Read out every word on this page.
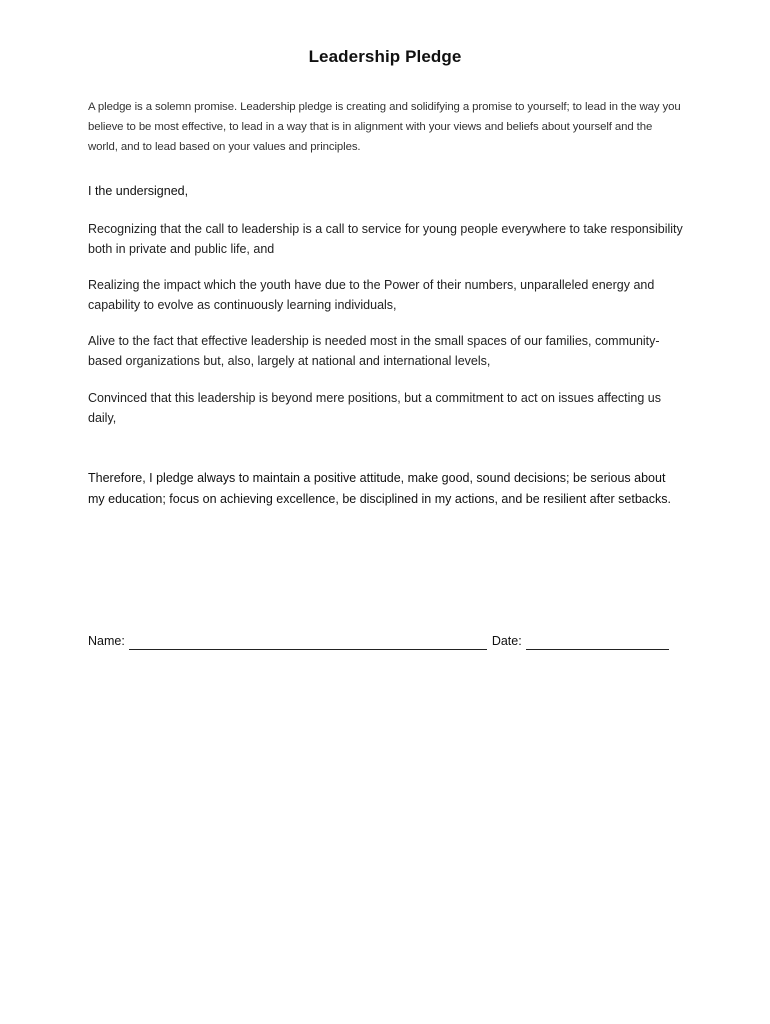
Leadership Pledge

A pledge is a solemn promise. Leadership pledge is creating and solidifying a promise to yourself; to lead in the way you believe to be most effective, to lead in a way that is in alignment with your views and beliefs about yourself and the world, and to lead based on your values and principles.

I the undersigned,

Recognizing that the call to leadership is a call to service for young people everywhere to take responsibility both in private and public life, and

Realizing the impact which the youth have due to the Power of their numbers, unparalleled energy and capability to evolve as continuously learning individuals,

Alive to the fact that effective leadership is needed most in the small spaces of our families, community-based organizations but, also, largely at national and international levels,

Convinced that this leadership is beyond mere positions, but a commitment to act on issues affecting us daily,

Therefore, I pledge always to maintain a positive attitude, make good, sound decisions; be serious about my education; focus on achieving excellence, be disciplined in my actions, and be resilient after setbacks.

Name:	Date:
